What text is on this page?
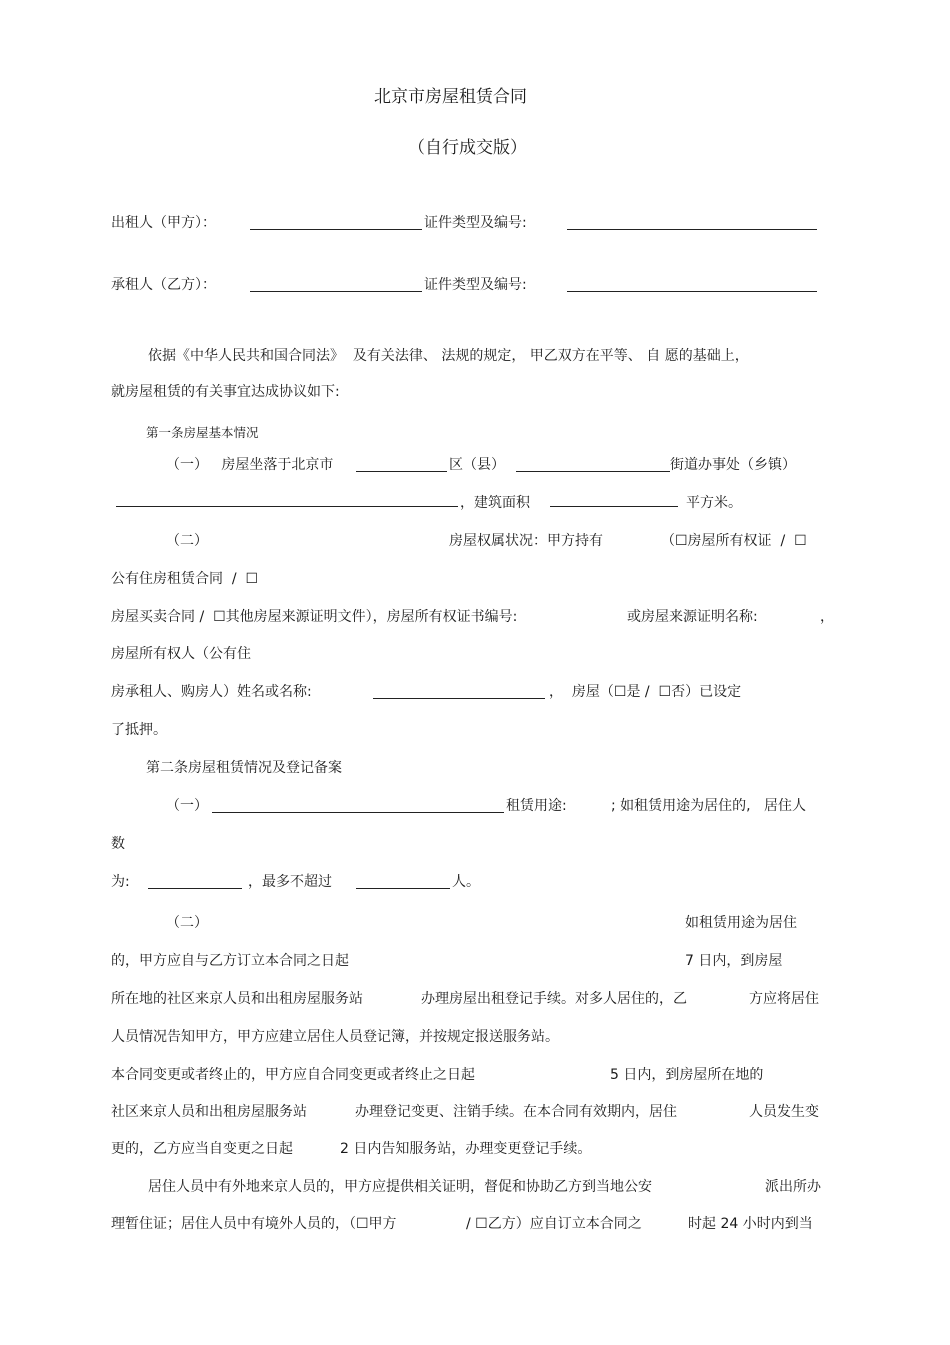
北京市房屋租赁合同
（自行成交版）
出租人（甲方）：	证件类型及编号:
承租人（乙方）：	证件类型及编号:
依据《中华人民共和国合同法》  及有关法律、 法规的规定， 甲乙双方在平等、 自 愿的基础上，
就房屋租赁的有关事宜达成协议如下:
第一条房屋基本情况
（一）   房屋坐落于北京市	区（县）	街道办事处（乡镇）
，建筑面积	平方米。
（二）	房屋权属状况：甲方持有	（☐房屋所有权证  /  ☐
公有住房租赁合同  /  ☐
房屋买卖合同 /  ☐其他房屋来源证明文件），房屋所有权证书编号:	或房屋来源证明名称:	，
房屋所有权人（公有住
房承租人、购房人）姓名或名称:	，  房屋（☐是 /  ☐否）已设定
了抵押。
第二条房屋租赁情况及登记备案
（一）	租赁用途:	; 如租赁用途为居住的,   居住人
数
为:	，最多不超过	人。
（二）	如租赁用途为居住
的，甲方应自与乙方订立本合同之日起	7 日内，到房屋
所在地的社区来京人员和出租房屋服务站	办理房屋出租登记手续。对多人居住的，乙	方应将居住
人员情况告知甲方，甲方应建立居住人员登记簿，并按规定报送服务站。
本合同变更或者终止的，甲方应自合同变更或者终止之日起	5 日内，到房屋所在地的
社区来京人员和出租房屋服务站	办理登记变更、注销手续。在本合同有效期内，居住	人员发生变
更的，乙方应当自变更之日起	2 日内告知服务站，办理变更登记手续。
居住人员中有外地来京人员的，甲方应提供相关证明，督促和协助乙方到当地公安	派出所办
理暂住证；居住人员中有境外人员的，（☐甲方	/ ☐乙方）应自订立本合同之	时起 24 小时内到当
